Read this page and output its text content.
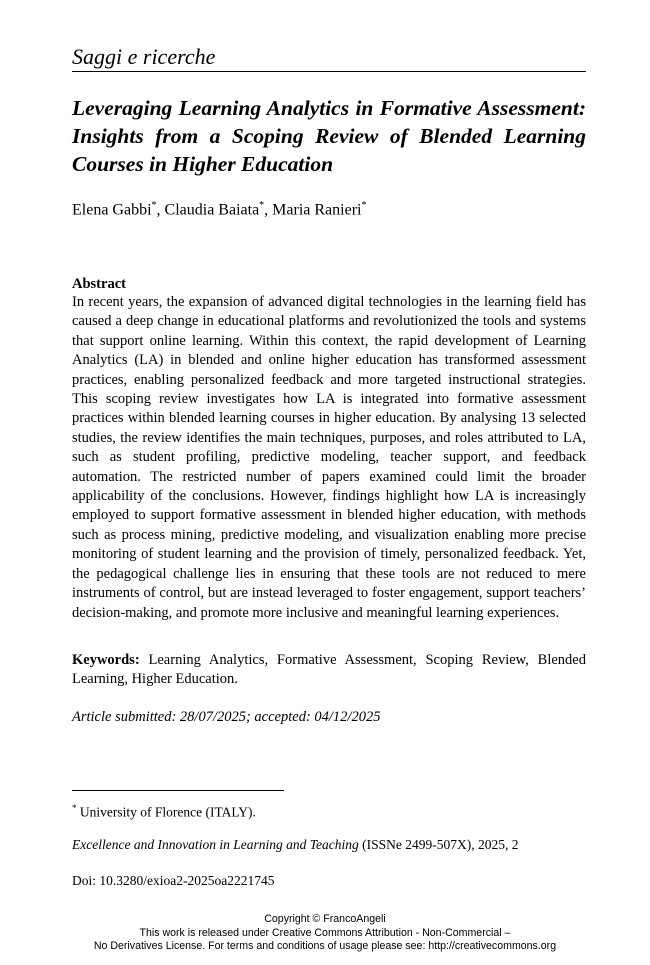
Saggi e ricerche
Leveraging Learning Analytics in Formative Assessment: Insights from a Scoping Review of Blended Learning Courses in Higher Education
Elena Gabbi*, Claudia Baiata*, Maria Ranieri*
Abstract
In recent years, the expansion of advanced digital technologies in the learning field has caused a deep change in educational platforms and revolutionized the tools and systems that support online learning. Within this context, the rapid development of Learning Analytics (LA) in blended and online higher education has transformed assessment practices, enabling personalized feedback and more targeted instructional strategies. This scoping review investigates how LA is integrated into formative assessment practices within blended learning courses in higher education. By analysing 13 selected studies, the review identifies the main techniques, purposes, and roles attributed to LA, such as student profiling, predictive modeling, teacher support, and feedback automation. The restricted number of papers examined could limit the broader applicability of the conclusions. However, findings highlight how LA is increasingly employed to support formative assessment in blended higher education, with methods such as process mining, predictive modeling, and visualization enabling more precise monitoring of student learning and the provision of timely, personalized feedback. Yet, the pedagogical challenge lies in ensuring that these tools are not reduced to mere instruments of control, but are instead leveraged to foster engagement, support teachers’ decision-making, and promote more inclusive and meaningful learning experiences.
Keywords: Learning Analytics, Formative Assessment, Scoping Review, Blended Learning, Higher Education.
Article submitted: 28/07/2025; accepted: 04/12/2025
* University of Florence (ITALY).
Excellence and Innovation in Learning and Teaching (ISSNe 2499-507X), 2025, 2
Doi: 10.3280/exioa2-2025oa2221745
Copyright © FrancoAngeli
This work is released under Creative Commons Attribution - Non-Commercial –
No Derivatives License. For terms and conditions of usage please see: http://creativecommons.org
